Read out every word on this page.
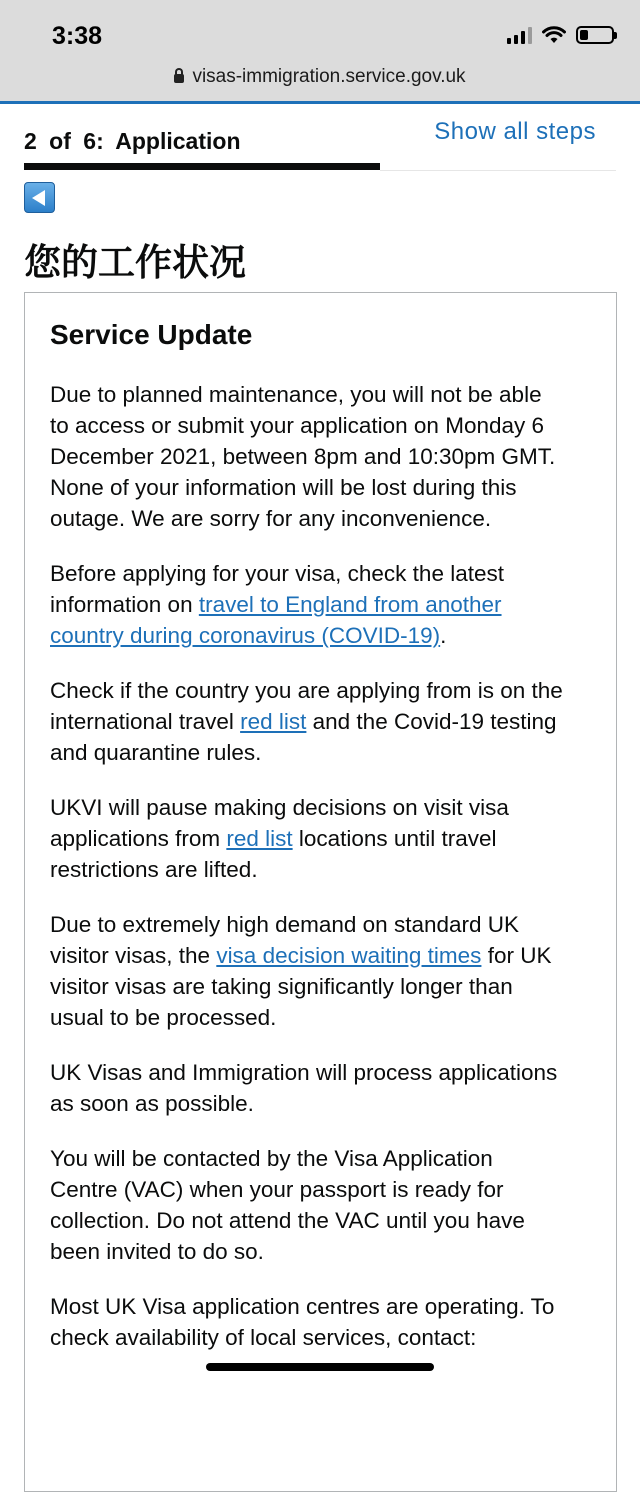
3:38
visas-immigration.service.gov.uk
2 of 6: Application	Show all steps
您的工作状况
Service Update

Due to planned maintenance, you will not be able
to access or submit your application on Monday 6
December 2021, between 8pm and 10:30pm GMT.
None of your information will be lost during this
outage. We are sorry for any inconvenience.

Before applying for your visa, check the latest
information on travel to England from another
country during coronavirus (COVID-19).

Check if the country you are applying from is on the
international travel red list and the Covid-19 testing
and quarantine rules.

UKVI will pause making decisions on visit visa
applications from red list locations until travel
restrictions are lifted.

Due to extremely high demand on standard UK
visitor visas, the visa decision waiting times for UK
visitor visas are taking significantly longer than
usual to be processed.

UK Visas and Immigration will process applications
as soon as possible.

You will be contacted by the Visa Application
Centre (VAC) when your passport is ready for
collection. Do not attend the VAC until you have
been invited to do so.

Most UK Visa application centres are operating. To
check availability of local services, contact:
